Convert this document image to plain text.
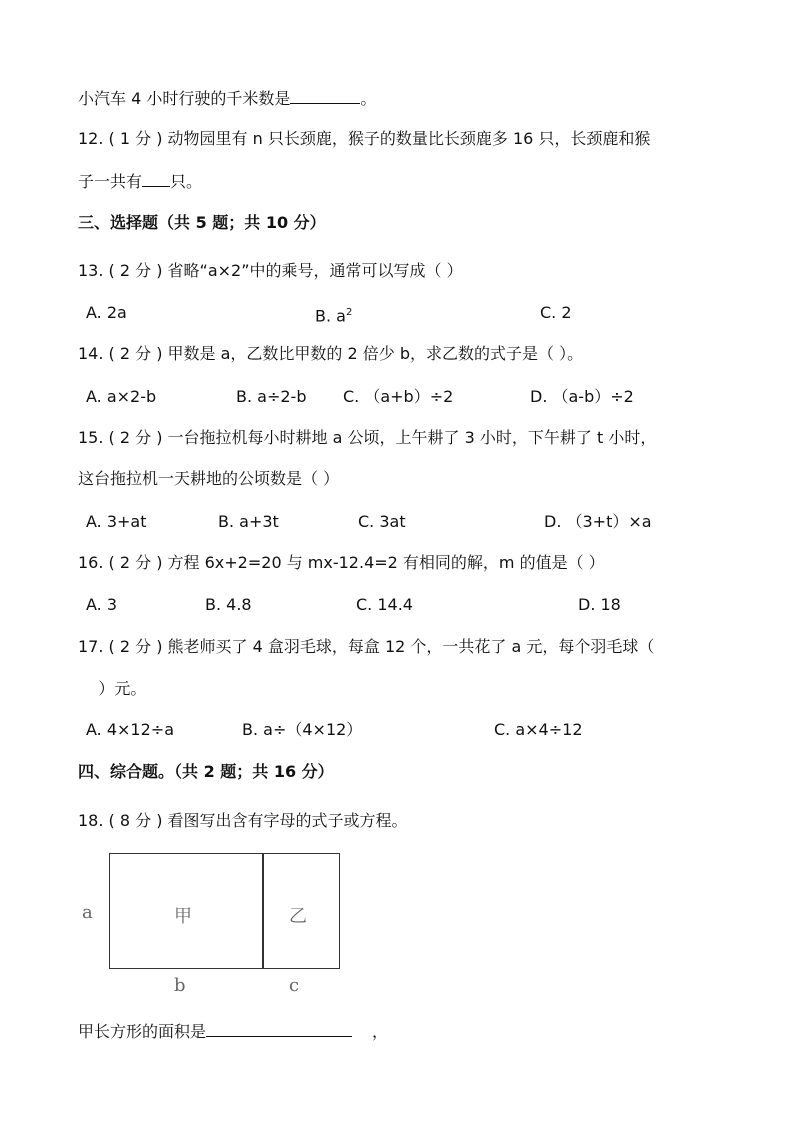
小汽车 4 小时行驶的千米数是	。
12. ( 1 分 ) 动物园里有 n 只长颈鹿，猴子的数量比长颈鹿多 16 只，长颈鹿和猴
子一共有 只。
三、选择题（共 5 题；共 10 分）
13. ( 2 分 ) 省略“a×2”中的乘号，通常可以写成（ ）
A. 2a	B. $a^2$	C. 2
14. ( 2 分 ) 甲数是 a，乙数比甲数的 2 倍少 b，求乙数的式子是（ ）。
A. a×2-b	B. a÷2-b C. （a+b）÷2	D. （a-b）÷2
15. ( 2 分 ) 一台拖拉机每小时耕地 a 公顷，上午耕了 3 小时，下午耕了 t 小时，
这台拖拉机一天耕地的公顷数是（ ）
A. 3+at	B. a+3t	C. 3at	D. （3+t）×a
16. ( 2 分 ) 方程 6x+2=20 与 mx-12.4=2 有相同的解，m 的值是（ ）
A. 3	B. 4.8	C. 14.4	D. 18
17. ( 2 分 ) 熊老师买了 4 盒羽毛球，每盒 12 个，一共花了 a 元，每个羽毛球（
）元。
A. 4×12÷a	B. a÷（4×12）	C. a×4÷12
四、综合题。（共 2 题；共 16 分）
18. ( 8 分 ) 看图写出含有字母的式子或方程。
a	甲	乙
b	c
甲长方形的面积是	，
